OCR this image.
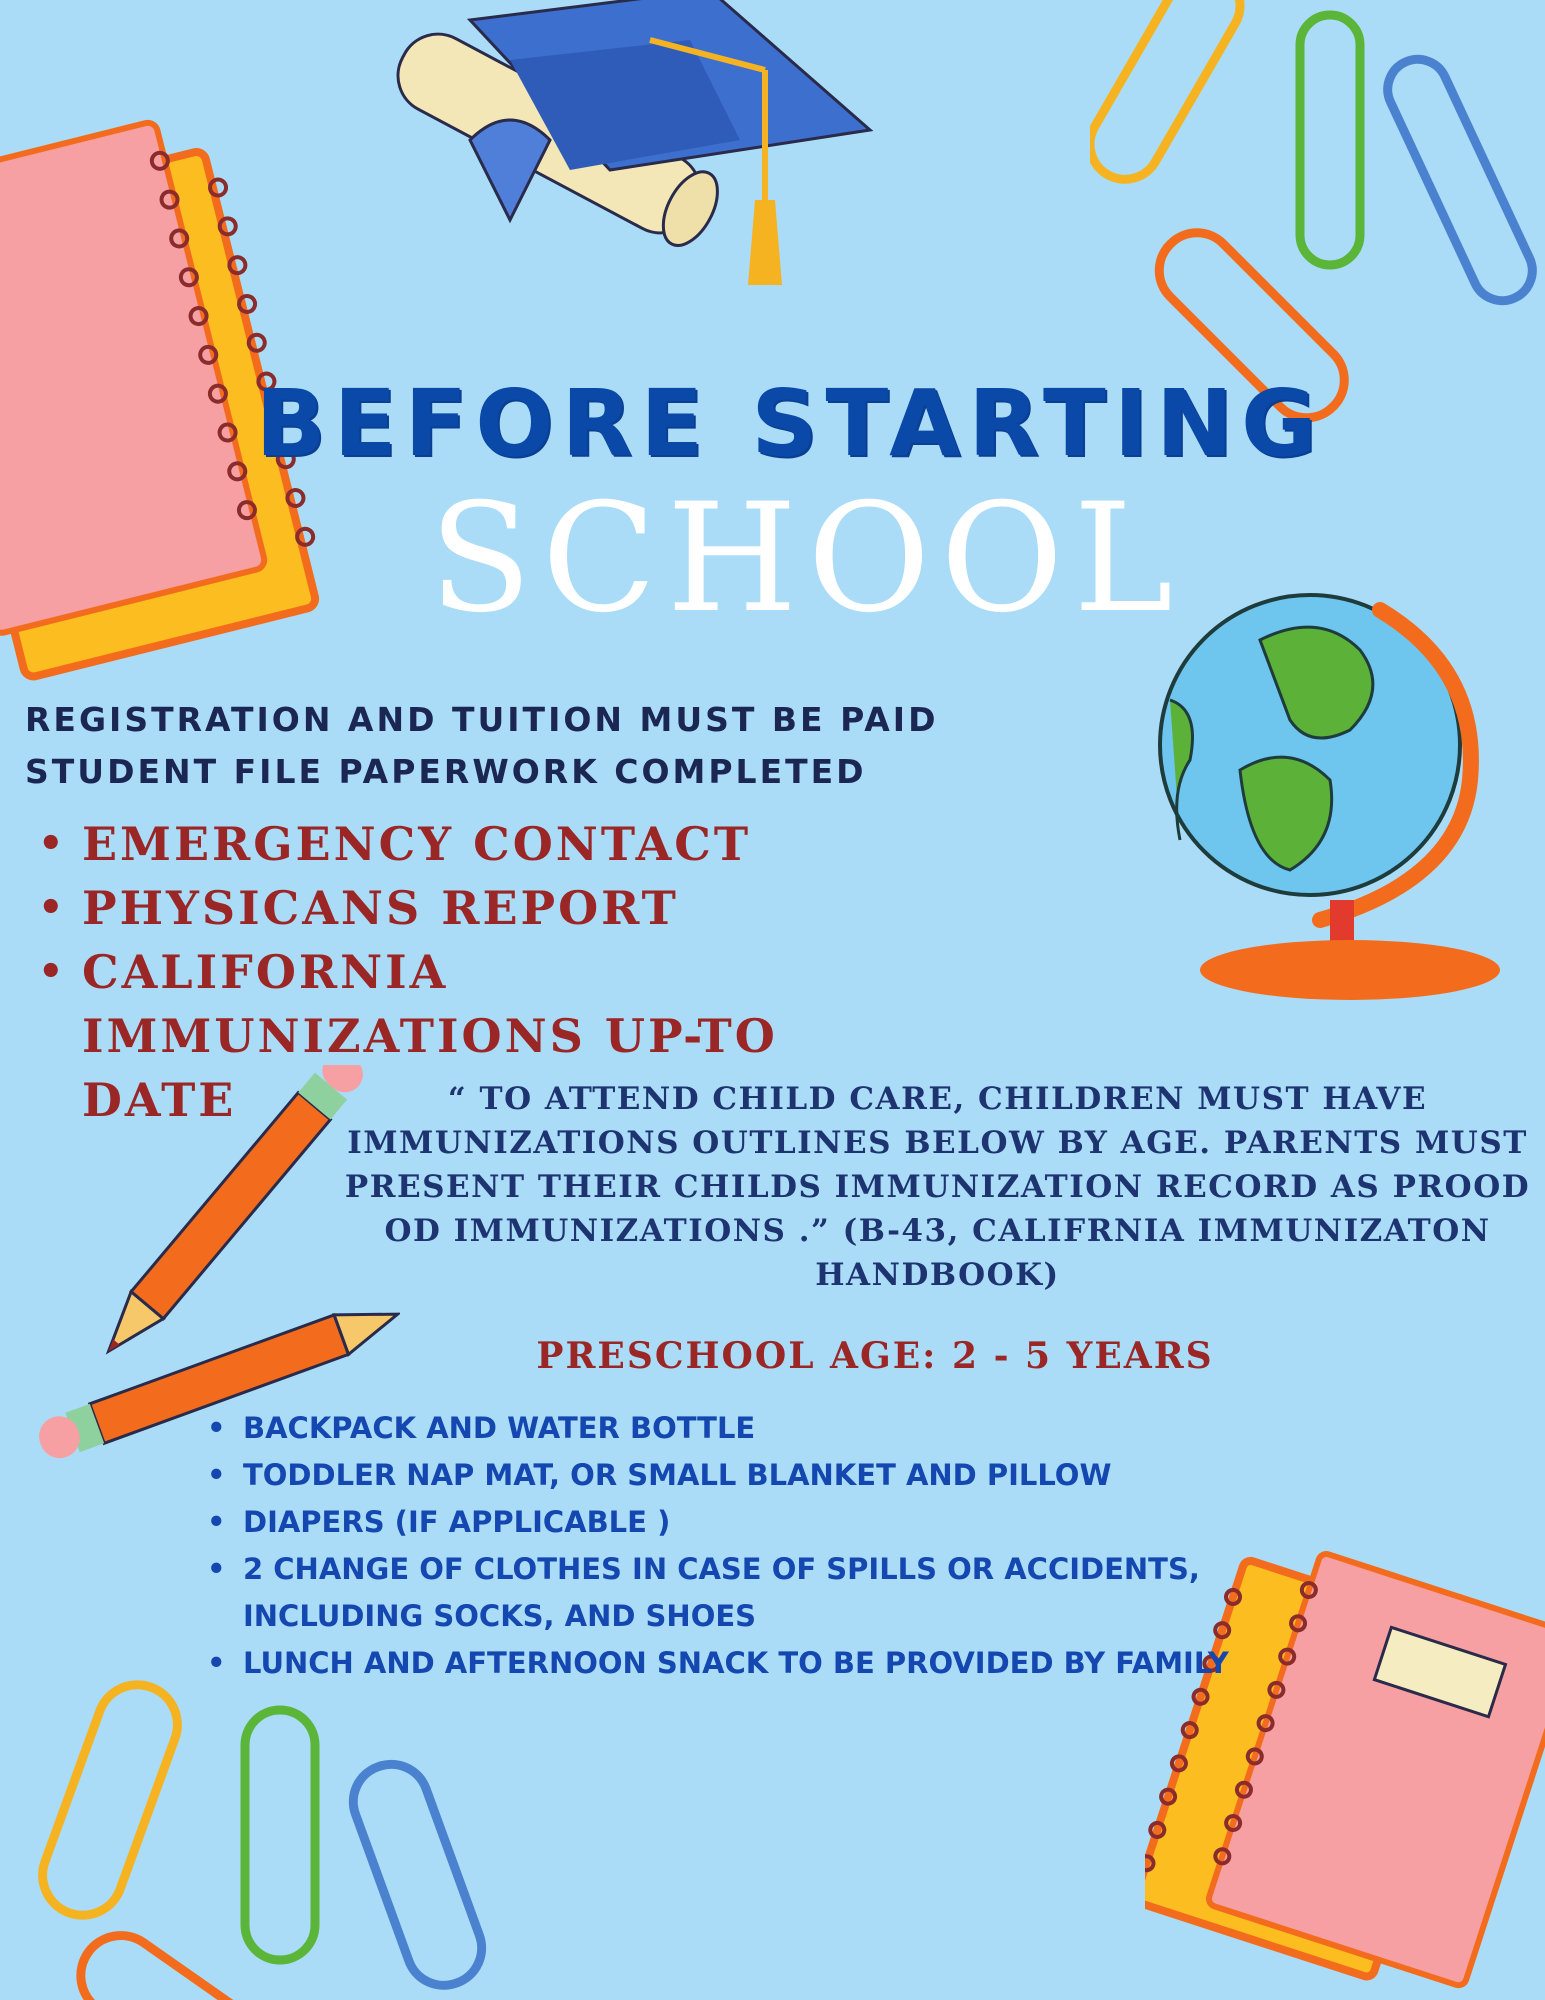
BEFORE STARTING
SCHOOL

REGISTRATION AND TUITION MUST BE PAID

STUDENT FILE PAPERWORK COMPLETED

• EMERGENCY CONTACT
• PHYSICANS REPORT
• CALIFORNIA IMMUNIZATIONS UP-TO DATE	“ TO ATTEND CHILD CARE, CHILDREN MUST HAVE IMMUNIZATIONS OUTLINES BELOW BY AGE. PARENTS MUST PRESENT THEIR CHILDS IMMUNIZATION RECORD AS PROOD OD IMMUNIZATIONS .” (B-43, CALIFRNIA IMMUNIZATON HANDBOOK)

PRESCHOOL AGE: 2 - 5 YEARS
• BACKPACK AND WATER BOTTLE
• TODDLER NAP MAT, OR SMALL BLANKET AND PILLOW
• DIAPERS (IF APPLICABLE )
• 2 CHANGE OF CLOTHES IN CASE OF SPILLS OR ACCIDENTS, INCLUDING SOCKS, AND SHOES
• LUNCH AND AFTERNOON SNACK TO BE PROVIDED BY FAMILY
